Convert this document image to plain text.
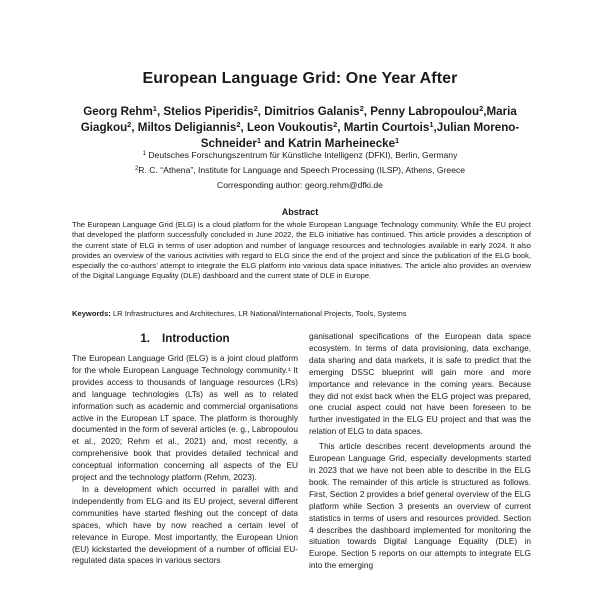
European Language Grid: One Year After
Georg Rehm$^1$, Stelios Piperidis$^2$, Dimitrios Galanis$^2$, Penny Labropoulou$^2$,Maria Giagkou$^2$, Miltos Deligiannis$^2$, Leon Voukoutis$^2$, Martin Courtois$^1$,Julian Moreno-Schneider$^1$ and Katrin Marheinecke$^1$
$^1$ Deutsches Forschungszentrum für Künstliche Intelligenz (DFKI), Berlin, Germany
$^2$R. C. “Athena”, Institute for Language and Speech Processing (ILSP), Athens, Greece
Corresponding author: georg.rehm@dfki.de
Abstract
The European Language Grid (ELG) is a cloud platform for the whole European Language Technology community. While the EU project that developed the platform successfully concluded in June 2022, the ELG initiative has continued. This article provides a description of the current state of ELG in terms of user adoption and number of language resources and technologies available in early 2024. It also provides an overview of the various activities with regard to ELG since the end of the project and since the publication of the ELG book, especially the co-authors’ attempt to integrate the ELG platform into various data space initiatives. The article also provides an overview of the Digital Language Equality (DLE) dashboard and the current state of DLE in Europe.
Keywords: LR Infrastructures and Architectures, LR National/International Projects, Tools, Systems
1. Introduction

The European Language Grid (ELG) is a joint cloud platform for the whole European Language Technology community.¹ It provides access to thousands of language resources (LRs) and language technologies (LTs) as well as to related information such as academic and commercial organisations active in the European LT space. The platform is thoroughly documented in the form of several articles (e. g., Labropoulou et al., 2020; Rehm et al., 2021) and, most recently, a comprehensive book that provides detailed technical and conceptual information concerning all aspects of the EU project and the technology platform (Rehm, 2023).

In a development which occurred in parallel with and independently from ELG and its EU project, several different communities have started fleshing out the concept of data spaces, which have by now reached a certain level of relevance in Europe. Most importantly, the European Union (EU) kickstarted the development of a number of official EU-regulated data spaces in various sectors

ganisational specifications of the European data space ecosystem. In terms of data provisioning, data exchange, data sharing and data markets, it is safe to predict that the emerging DSSC blueprint will gain more and more importance and relevance in the coming years. Because they did not exist back when the ELG project was prepared, one crucial aspect could not have been foreseen to be further investigated in the ELG EU project and that was the relation of ELG to data spaces.

This article describes recent developments around the European Language Grid, especially developments started in 2023 that we have not been able to describe in the ELG book. The remainder of this article is structured as follows. First, Section 2 provides a brief general overview of the ELG platform while Section 3 presents an overview of current statistics in terms of users and resources provided. Section 4 describes the dashboard implemented for monitoring the situation towards Digital Language Equality (DLE) in Europe. Section 5 reports on our attempts to integrate ELG into the emerging
